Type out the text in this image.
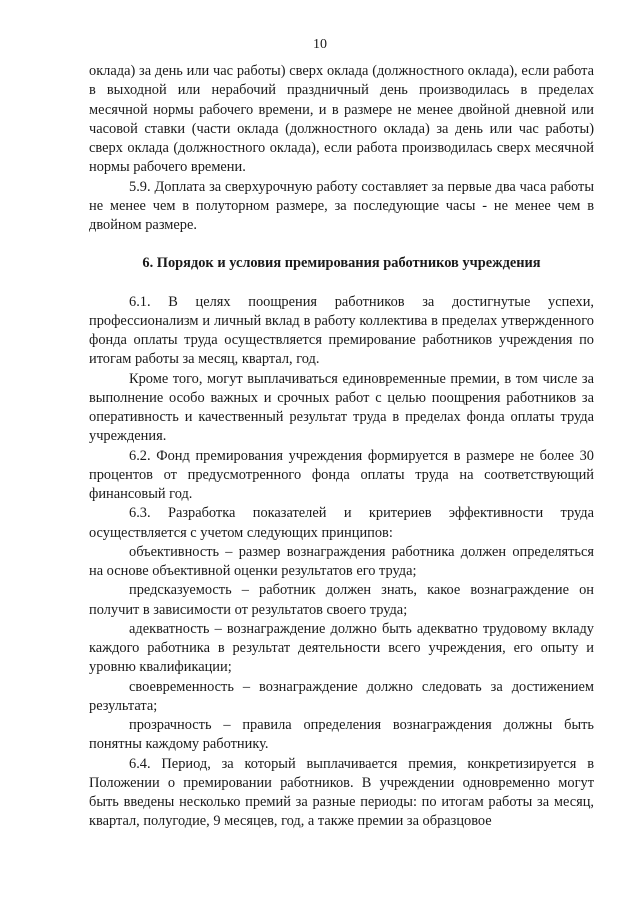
10

оклада) за день или час работы) сверх оклада (должностного оклада), если работа в выходной или нерабочий праздничный день производилась в пределах месячной нормы рабочего времени, и в размере не менее двойной дневной или часовой ставки (части оклада (должностного оклада) за день или час работы) сверх оклада (должностного оклада), если работа производилась сверх месячной нормы рабочего времени.

5.9. Доплата за сверхурочную работу составляет за первые два часа работы не менее чем в полуторном размере, за последующие часы - не менее чем в двойном размере.

6. Порядок и условия премирования работников учреждения

6.1. В целях поощрения работников за достигнутые успехи, профессионализм и личный вклад в работу коллектива в пределах утвержденного фонда оплаты труда осуществляется премирование работников учреждения по итогам работы за месяц, квартал, год.

Кроме того, могут выплачиваться единовременные премии, в том числе за выполнение особо важных и срочных работ с целью поощрения работников за оперативность и качественный результат труда в пределах фонда оплаты труда учреждения.

6.2. Фонд премирования учреждения формируется в размере не более 30 процентов от предусмотренного фонда оплаты труда на соответствующий финансовый год.

6.3. Разработка показателей и критериев эффективности труда осуществляется с учетом следующих принципов:

объективность – размер вознаграждения работника должен определяться на основе объективной оценки результатов его труда;

предсказуемость – работник должен знать, какое вознаграждение он получит в зависимости от результатов своего труда;

адекватность – вознаграждение должно быть адекватно трудовому вкладу каждого работника в результат деятельности всего учреждения, его опыту и уровню квалификации;

своевременность – вознаграждение должно следовать за достижением результата;

прозрачность – правила определения вознаграждения должны быть понятны каждому работнику.

6.4. Период, за который выплачивается премия, конкретизируется в Положении о премировании работников. В учреждении одновременно могут быть введены несколько премий за разные периоды: по итогам работы за месяц, квартал, полугодие, 9 месяцев, год, а также премии за образцовое
